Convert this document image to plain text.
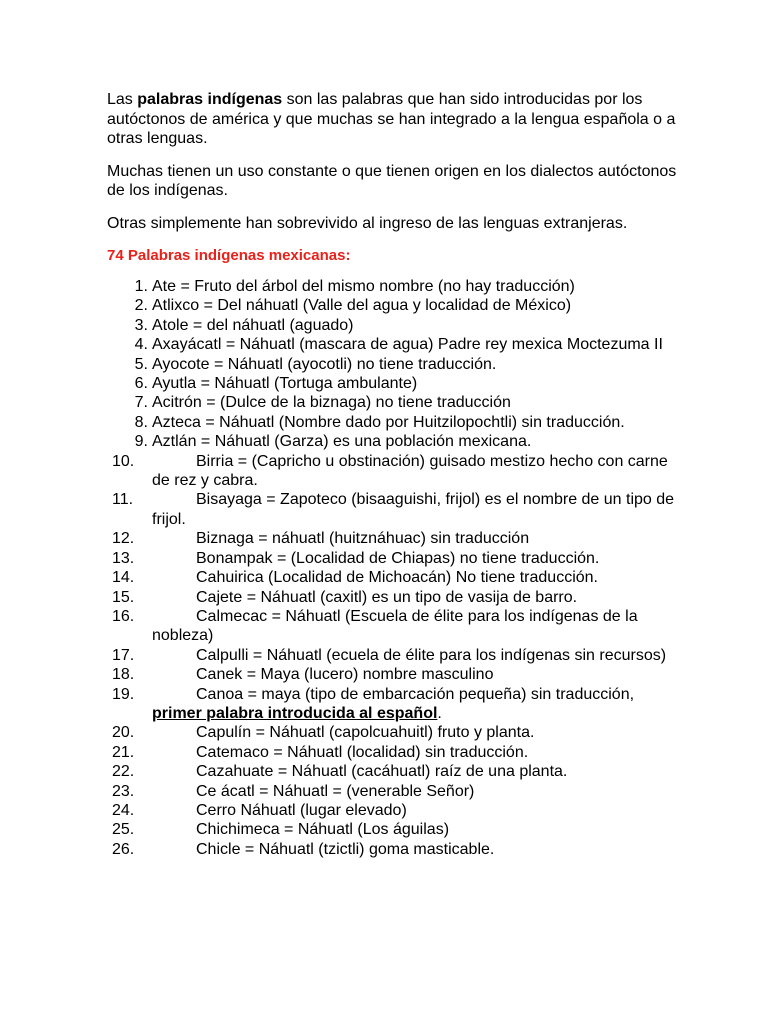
Las palabras indígenas son las palabras que han sido introducidas por los autóctonos de américa y que muchas se han integrado a la lengua española o a otras lenguas.

Muchas tienen un uso constante o que tienen origen en los dialectos autóctonos de los indígenas.

Otras simplemente han sobrevivido al ingreso de las lenguas extranjeras.

74 Palabras indígenas mexicanas:
1. Ate = Fruto del árbol del mismo nombre (no hay traducción)
2. Atlixco = Del náhuatl (Valle del agua y localidad de México)
3. Atole = del náhuatl (aguado)
4. Axayácatl = Náhuatl (mascara de agua) Padre rey mexica Moctezuma II
5. Ayocote = Náhuatl (ayocotli) no tiene traducción.
6. Ayutla = Náhuatl (Tortuga ambulante)
7. Acitrón = (Dulce de la biznaga) no tiene traducción
8. Azteca = Náhuatl (Nombre dado por Huitzilopochtli) sin traducción.
9. Aztlán = Náhuatl (Garza) es una población mexicana.
10.	Birria = (Capricho u obstinación) guisado mestizo hecho con carne de rez y cabra.
11.	Bisayaga = Zapoteco (bisaaguishi, frijol) es el nombre de un tipo de frijol.
12.	Biznaga = náhuatl (huitznáhuac) sin traducción
13.	Bonampak = (Localidad de Chiapas) no tiene traducción.
14.	Cahuirica (Localidad de Michoacán) No tiene traducción.
15.	Cajete = Náhuatl (caxitl) es un tipo de vasija de barro.
16.	Calmecac = Náhuatl (Escuela de élite para los indígenas de la nobleza)
17.	Calpulli = Náhuatl (ecuela de élite para los indígenas sin recursos)
18.	Canek = Maya (lucero) nombre masculino
19.	Canoa = maya (tipo de embarcación pequeña) sin traducción, primer palabra introducida al español.
20.	Capulín = Náhuatl (capolcuahuitl) fruto y planta.
21.	Catemaco = Náhuatl (localidad) sin traducción.
22.	Cazahuate = Náhuatl (cacáhuatl) raíz de una planta.
23.	Ce ácatl = Náhuatl = (venerable Señor)
24.	Cerro Náhuatl (lugar elevado)
25.	Chichimeca = Náhuatl (Los águilas)
26.	Chicle = Náhuatl (tzictli) goma masticable.
